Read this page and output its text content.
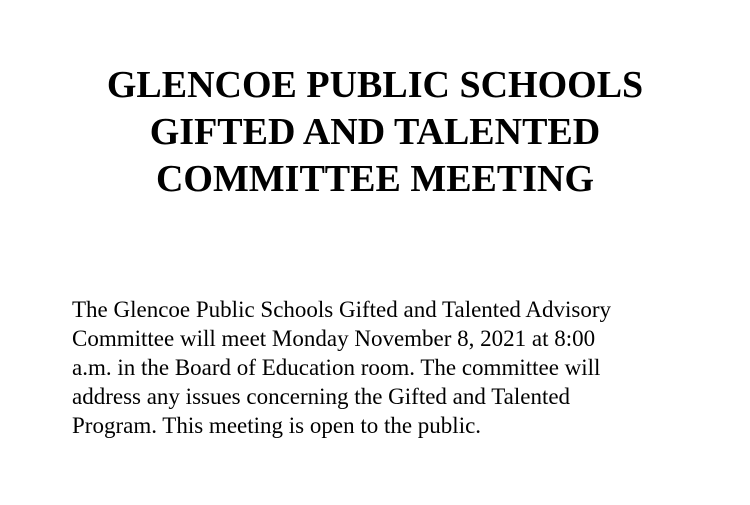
GLENCOE PUBLIC SCHOOLS
GIFTED AND TALENTED
COMMITTEE MEETING

The Glencoe Public Schools Gifted and Talented Advisory
Committee will meet Monday November 8, 2021 at 8:00
a.m. in the Board of Education room. The committee will
address any issues concerning the Gifted and Talented
Program. This meeting is open to the public.
